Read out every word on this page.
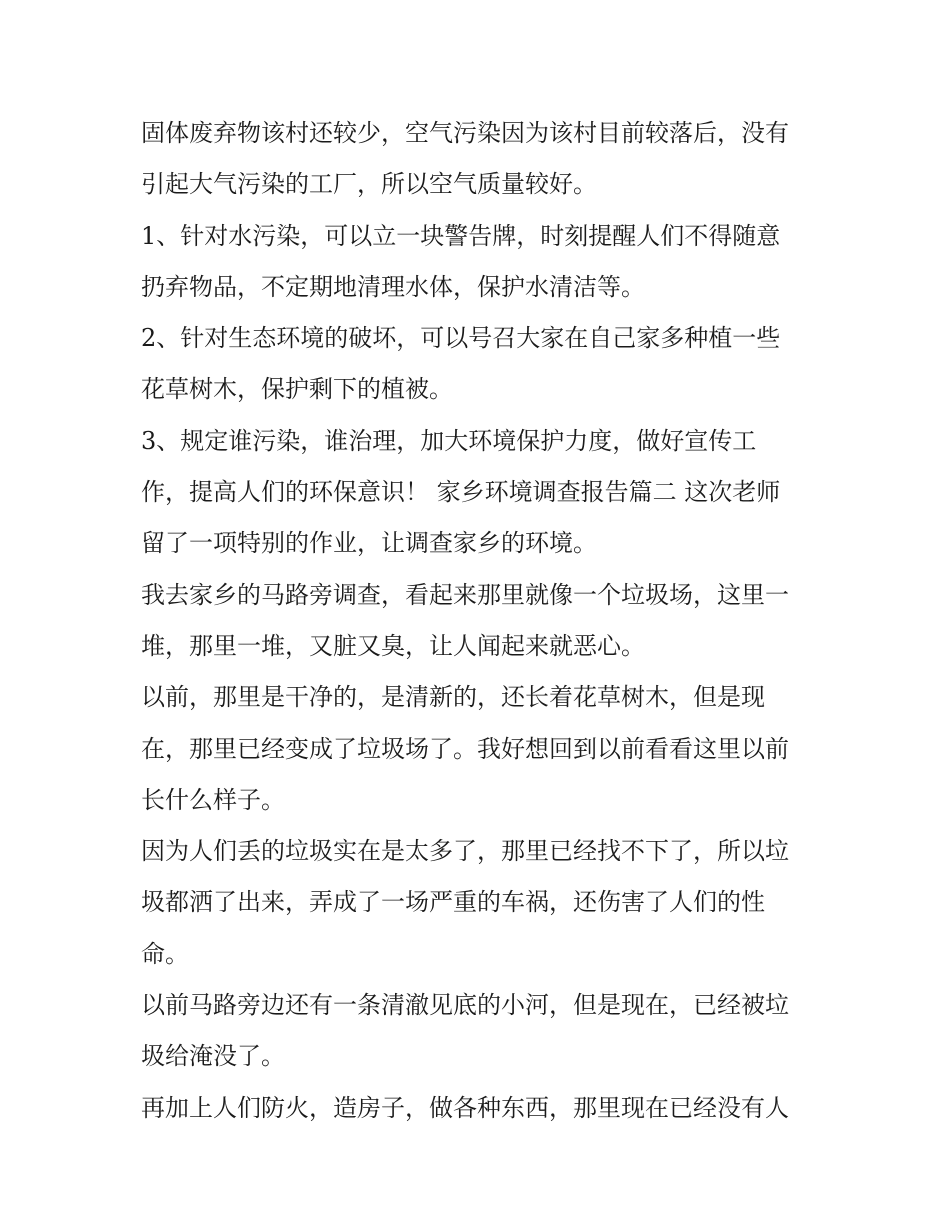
固体废弃物该村还较少，空气污染因为该村目前较落后，没有
引起大气污染的工厂，所以空气质量较好。
1、针对水污染，可以立一块警告牌，时刻提醒人们不得随意
扔弃物品，不定期地清理水体，保护水清洁等。
2、针对生态环境的破坏，可以号召大家在自己家多种植一些
花草树木，保护剩下的植被。
3、规定谁污染，谁治理，加大环境保护力度，做好宣传工
作，提高人们的环保意识！ 家乡环境调查报告篇二 这次老师
留了一项特别的作业，让调查家乡的环境。
我去家乡的马路旁调查，看起来那里就像一个垃圾场，这里一
堆，那里一堆，又脏又臭，让人闻起来就恶心。
以前，那里是干净的，是清新的，还长着花草树木，但是现
在，那里已经变成了垃圾场了。我好想回到以前看看这里以前
长什么样子。
因为人们丢的垃圾实在是太多了，那里已经找不下了，所以垃
圾都洒了出来，弄成了一场严重的车祸，还伤害了人们的性
命。
以前马路旁边还有一条清澈见底的小河，但是现在，已经被垃
圾给淹没了。
再加上人们防火，造房子，做各种东西，那里现在已经没有人
